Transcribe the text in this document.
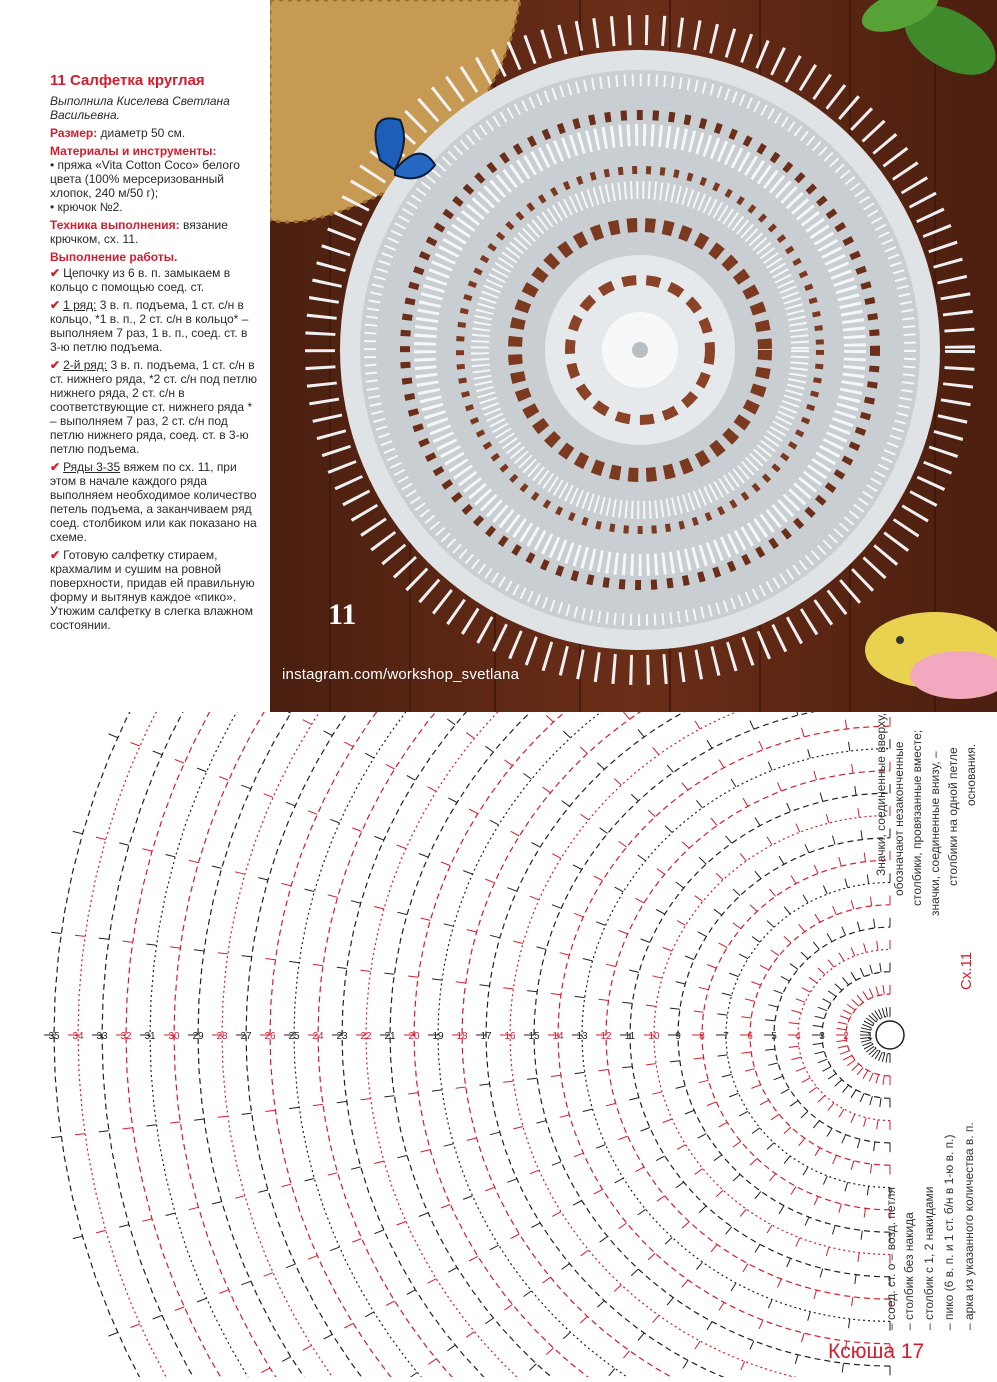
11 Салфетка круглая

Выполнила Киселева Светлана Васильевна.

Размер: диаметр 50 см.

Материалы и инструменты:

• пряжа «Vita Cotton Coco» белого цвета (100% мерсеризованный хлопок, 240 м/50 г);

• крючок №2.

Техника выполнения: вязание крючком, сх. 11.

Выполнение работы.

✔ Цепочку из 6 в. п. замыкаем в кольцо с помощью соед. ст.

✔ 1 ряд: 3 в. п. подъема, 1 ст. с/н в кольцо, *1 в. п., 2 ст. с/н в кольцо* – выполняем 7 раз, 1 в. п., соед. ст. в 3-ю петлю подъема.

✔ 2-й ряд: 3 в. п. подъема, 1 ст. с/н в ст. нижнего ряда, *2 ст. с/н под петлю нижнего ряда, 2 ст. с/н в соответствующие ст. нижнего ряда * – выполняем 7 раз, 2 ст. с/н под петлю нижнего ряда, соед. ст. в 3-ю петлю подъема.

✔ Ряды 3-35 вяжем по сх. 11, при этом в начале каждого ряда выполняем необходимое количество петель подъема, а заканчиваем ряд соед. столбиком или как показано на схеме.

✔ Готовую салфетку стираем, крахмалим и сушим на ровной поверхности, придав ей правильную форму и вытянув каждое «пико». Утюжим салфетку в слегка влажном состоянии.	11
instagram.com/workshop_svetlana
1
2
3
4
5
6
7
8
9
10
11
12
13
14
15
16
17
18
19
20
21
22
23
24
25
26
27
28
29
30
31
32
33
34
35
Значки, соединенные вверху, обозначают незаконченные столбики, провязанные вместе; значки, соединенные внизу, – столбики на одной петле основания.
Сх.11
– соед. ст. о – возд. петля – столбик без накида – столбик с 1, 2 накидами – пико (6 в. п. и 1 ст. б/н в 1-ю в. п.) – арка из указанного количества в. п.
Ксюша 17
